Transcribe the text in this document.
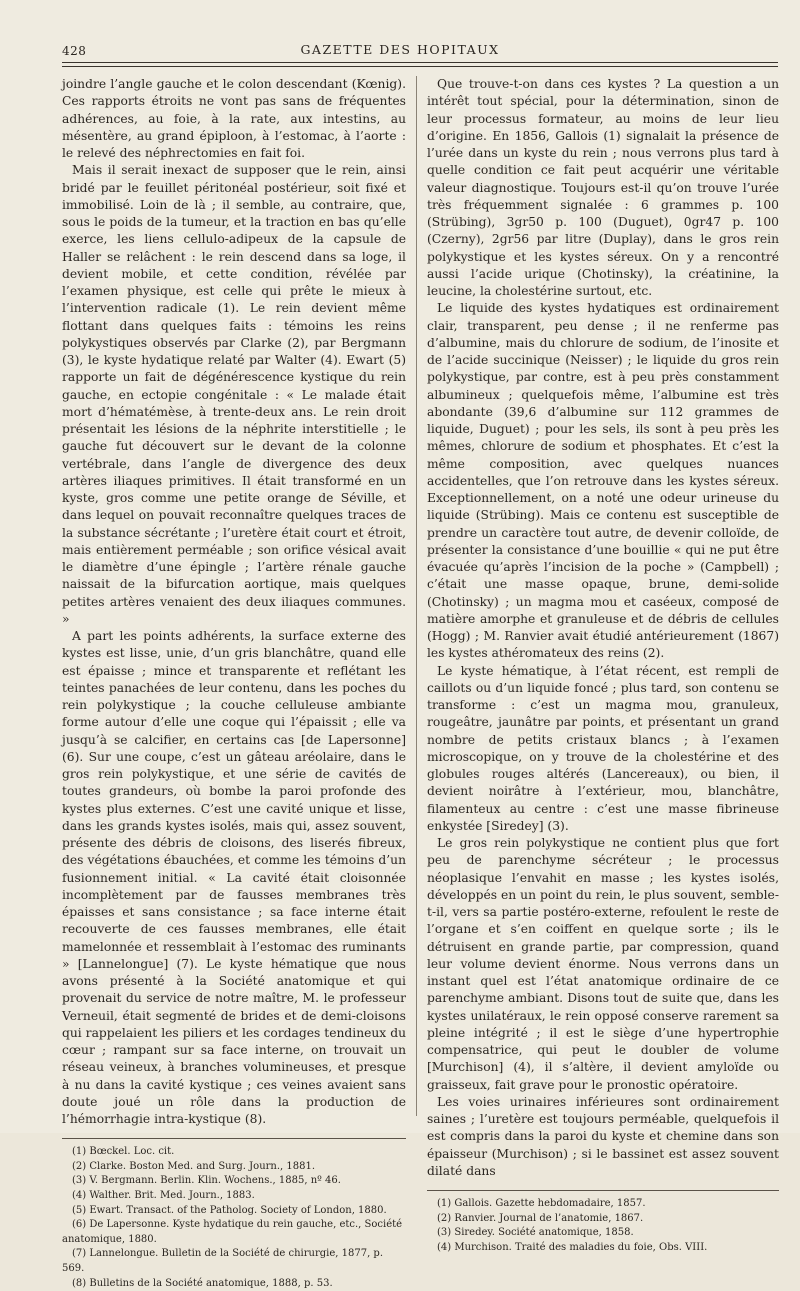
428	GAZETTE DES HOPITAUX

joindre l’angle gauche et le colon descendant (Kœnig). Ces rapports étroits ne vont pas sans de fréquentes adhérences, au foie, à la rate, aux intestins, au mésentère, au grand épiploon, à l’estomac, à l’aorte : le relevé des néphrectomies en fait foi.

Mais il serait inexact de supposer que le rein, ainsi bridé par le feuillet péritonéal postérieur, soit fixé et immobilisé. Loin de là ; il semble, au contraire, que, sous le poids de la tumeur, et la traction en bas qu’elle exerce, les liens cellulo-adipeux de la capsule de Haller se relâchent : le rein descend dans sa loge, il devient mobile, et cette condition, révélée par l’examen physique, est celle qui prête le mieux à l’intervention radicale (1). Le rein devient même flottant dans quelques faits : témoins les reins polykystiques observés par Clarke (2), par Bergmann (3), le kyste hydatique relaté par Walter (4). Ewart (5) rapporte un fait de dégénérescence kystique du rein gauche, en ectopie congénitale : « Le malade était mort d’hématémèse, à trente-deux ans. Le rein droit présentait les lésions de la néphrite interstitielle ; le gauche fut découvert sur le devant de la colonne vertébrale, dans l’angle de divergence des deux artères iliaques primitives. Il était transformé en un kyste, gros comme une petite orange de Séville, et dans lequel on pouvait reconnaître quelques traces de la substance sécrétante ; l’uretère était court et étroit, mais entièrement perméable ; son orifice vésical avait le diamètre d’une épingle ; l’artère rénale gauche naissait de la bifurcation aortique, mais quelques petites artères venaient des deux iliaques communes. »

A part les points adhérents, la surface externe des kystes est lisse, unie, d’un gris blanchâtre, quand elle est épaisse ; mince et transparente et reflétant les teintes panachées de leur contenu, dans les poches du rein polykystique ; la couche celluleuse ambiante forme autour d’elle une coque qui l’épaissit ; elle va jusqu’à se calcifier, en certains cas [de Lapersonne] (6). Sur une coupe, c’est un gâteau aréolaire, dans le gros rein polykystique, et une série de cavités de toutes grandeurs, où bombe la paroi profonde des kystes plus externes. C’est une cavité unique et lisse, dans les grands kystes isolés, mais qui, assez souvent, présente des débris de cloisons, des liserés fibreux, des végétations ébauchées, et comme les témoins d’un fusionnement initial. « La cavité était cloisonnée incomplètement par de fausses membranes très épaisses et sans consistance ; sa face interne était recouverte de ces fausses membranes, elle était mamelonnée et ressemblait à l’estomac des ruminants » [Lannelongue] (7). Le kyste hématique que nous avons présenté à la Société anatomique et qui provenait du service de notre maître, M. le professeur Verneuil, était segmenté de brides et de demi-cloisons qui rappelaient les piliers et les cordages tendineux du cœur ; rampant sur sa face interne, on trouvait un réseau veineux, à branches volumineuses, et presque à nu dans la cavité kystique ; ces veines avaient sans doute joué un rôle dans la production de l’hémorrhagie intra-kystique (8).

(1) Bœckel. Loc. cit.

(2) Clarke. Boston Med. and Surg. Journ., 1881.

(3) V. Bergmann. Berlin. Klin. Wochens., 1885, nº 46.

(4) Walther. Brit. Med. Journ., 1883.

(5) Ewart. Transact. of the Patholog. Society of London, 1880.

(6) De Lapersonne. Kyste hydatique du rein gauche, etc., Société anatomique, 1880.

(7) Lannelongue. Bulletin de la Société de chirurgie, 1877, p. 569.

(8) Bulletins de la Société anatomique, 1888, p. 53.

Que trouve-t-on dans ces kystes ? La question a un intérêt tout spécial, pour la détermination, sinon de leur processus formateur, au moins de leur lieu d’origine. En 1856, Gallois (1) signalait la présence de l’urée dans un kyste du rein ; nous verrons plus tard à quelle condition ce fait peut acquérir une véritable valeur diagnostique. Toujours est-il qu’on trouve l’urée très fréquemment signalée : 6 grammes p. 100 (Strübing), 3gr50 p. 100 (Duguet), 0gr47 p. 100 (Czerny), 2gr56 par litre (Duplay), dans le gros rein polykystique et les kystes séreux. On y a rencontré aussi l’acide urique (Chotinsky), la créatinine, la leucine, la cholestérine surtout, etc.

Le liquide des kystes hydatiques est ordinairement clair, transparent, peu dense ; il ne renferme pas d’albumine, mais du chlorure de sodium, de l’inosite et de l’acide succinique (Neisser) ; le liquide du gros rein polykystique, par contre, est à peu près constamment albumineux ; quelquefois même, l’albumine est très abondante (39,6 d’albumine sur 112 grammes de liquide, Duguet) ; pour les sels, ils sont à peu près les mêmes, chlorure de sodium et phosphates. Et c’est la même composition, avec quelques nuances accidentelles, que l’on retrouve dans les kystes séreux. Exceptionnellement, on a noté une odeur urineuse du liquide (Strübing). Mais ce contenu est susceptible de prendre un caractère tout autre, de devenir colloïde, de présenter la consistance d’une bouillie « qui ne put être évacuée qu’après l’incision de la poche » (Campbell) ; c’était une masse opaque, brune, demi-solide (Chotinsky) ; un magma mou et caséeux, composé de matière amorphe et granuleuse et de débris de cellules (Hogg) ; M. Ranvier avait étudié antérieurement (1867) les kystes athéromateux des reins (2).

Le kyste hématique, à l’état récent, est rempli de caillots ou d’un liquide foncé ; plus tard, son contenu se transforme : c’est un magma mou, granuleux, rougeâtre, jaunâtre par points, et présentant un grand nombre de petits cristaux blancs ; à l’examen microscopique, on y trouve de la cholestérine et des globules rouges altérés (Lancereaux), ou bien, il devient noirâtre à l’extérieur, mou, blanchâtre, filamenteux au centre : c’est une masse fibrineuse enkystée [Siredey] (3).

Le gros rein polykystique ne contient plus que fort peu de parenchyme sécréteur ; le processus néoplasique l’envahit en masse ; les kystes isolés, développés en un point du rein, le plus souvent, semble-t-il, vers sa partie postéro-externe, refoulent le reste de l’organe et s’en coiffent en quelque sorte ; ils le détruisent en grande partie, par compression, quand leur volume devient énorme. Nous verrons dans un instant quel est l’état anatomique ordinaire de ce parenchyme ambiant. Disons tout de suite que, dans les kystes unilatéraux, le rein opposé conserve rarement sa pleine intégrité ; il est le siège d’une hypertrophie compensatrice, qui peut le doubler de volume [Murchison] (4), il s’altère, il devient amyloïde ou graisseux, fait grave pour le pronostic opératoire.

Les voies urinaires inférieures sont ordinairement saines ; l’uretère est toujours perméable, quelquefois il est compris dans la paroi du kyste et chemine dans son épaisseur (Murchison) ; si le bassinet est assez souvent dilaté dans

(1) Gallois. Gazette hebdomadaire, 1857.

(2) Ranvier. Journal de l’anatomie, 1867.

(3) Siredey. Société anatomique, 1858.

(4) Murchison. Traité des maladies du foie, Obs. VIII.
